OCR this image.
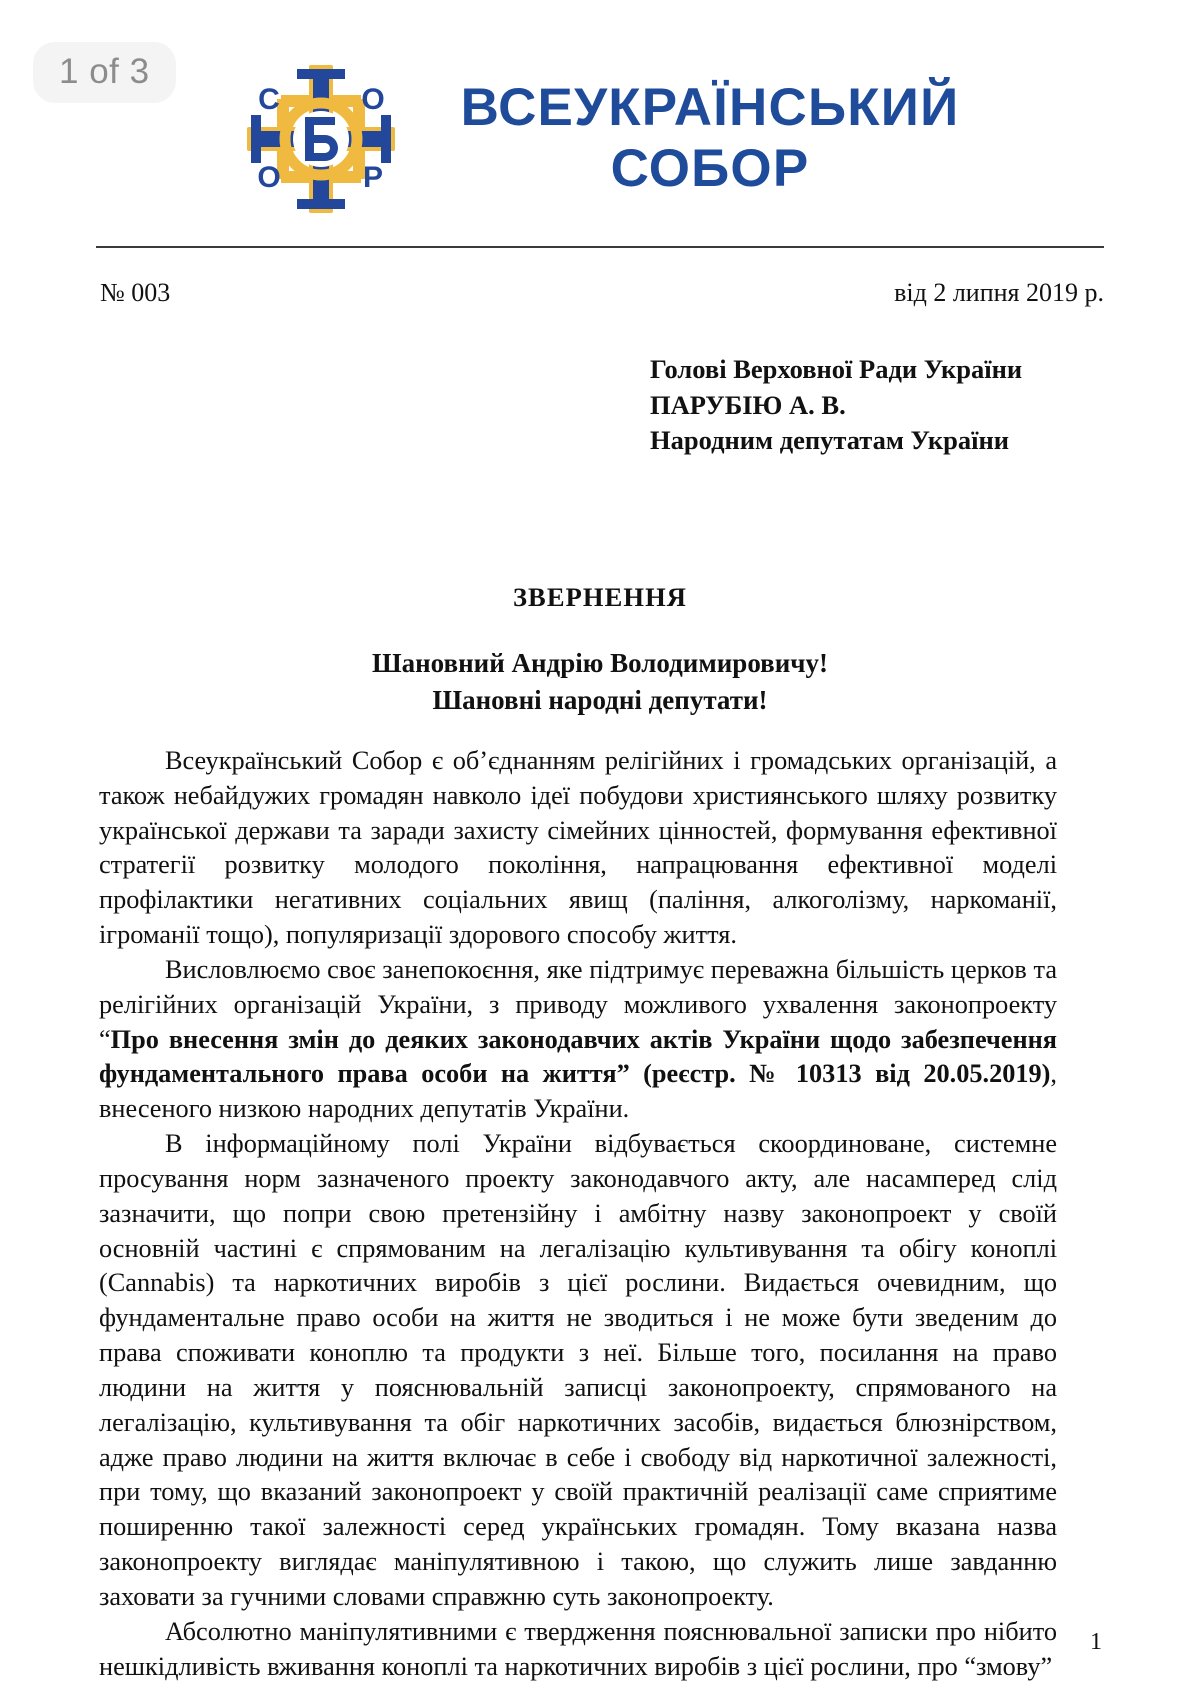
1 of 3
С	О
О	Р
ВСЕУКРАЇНСЬКИЙ
СОБОР
№ 003	від 2 липня 2019 р.
Голові Верховної Ради України
ПАРУБІЮ А. В.
Народним депутатам України
ЗВЕРНЕННЯ
Шановний Андрію Володимировичу!
Шановні народні депутати!

Всеукраїнський Собор є об’єднанням релігійних і громадських організацій, а також небайдужих громадян навколо ідеї побудови християнського шляху розвитку української держави та заради захисту сімейних цінностей, формування ефективної стратегії розвитку молодого покоління, напрацювання ефективної моделі профілактики негативних соціальних явищ (паління, алкоголізму, наркоманії, ігроманії тощо), популяризації здорового способу життя.

Висловлюємо своє занепокоєння, яке підтримує переважна більшість церков та релігійних організацій України, з приводу можливого ухвалення законопроекту “Про внесення змін до деяких законодавчих актів України щодо забезпечення фундаментального права особи на життя” (реєстр. № 10313 від 20.05.2019), внесеного низкою народних депутатів України.

В інформаційному полі України відбувається скоординоване, системне просування норм зазначеного проекту законодавчого акту, але насамперед слід зазначити, що попри свою претензійну і амбітну назву законопроект у своїй основній частині є спрямованим на легалізацію культивування та обігу коноплі (Cannabis) та наркотичних виробів з цієї рослини. Видається очевидним, що фундаментальне право особи на життя не зводиться і не може бути зведеним до права споживати коноплю та продукти з неї. Більше того, посилання на право людини на життя у пояснювальній записці законопроекту, спрямованого на легалізацію, культивування та обіг наркотичних засобів, видається блюзнірством, адже право людини на життя включає в себе і свободу від наркотичної залежності, при тому, що вказаний законопроект у своїй практичній реалізації саме сприятиме поширенню такої залежності серед українських громадян. Тому вказана назва законопроекту виглядає маніпулятивною і такою, що служить лише завданню заховати за гучними словами справжню суть законопроекту.

Абсолютно маніпулятивними є твердження пояснювальної записки про нібито нешкідливість вживання коноплі та наркотичних виробів з цієї рослини, про “змову”

1
